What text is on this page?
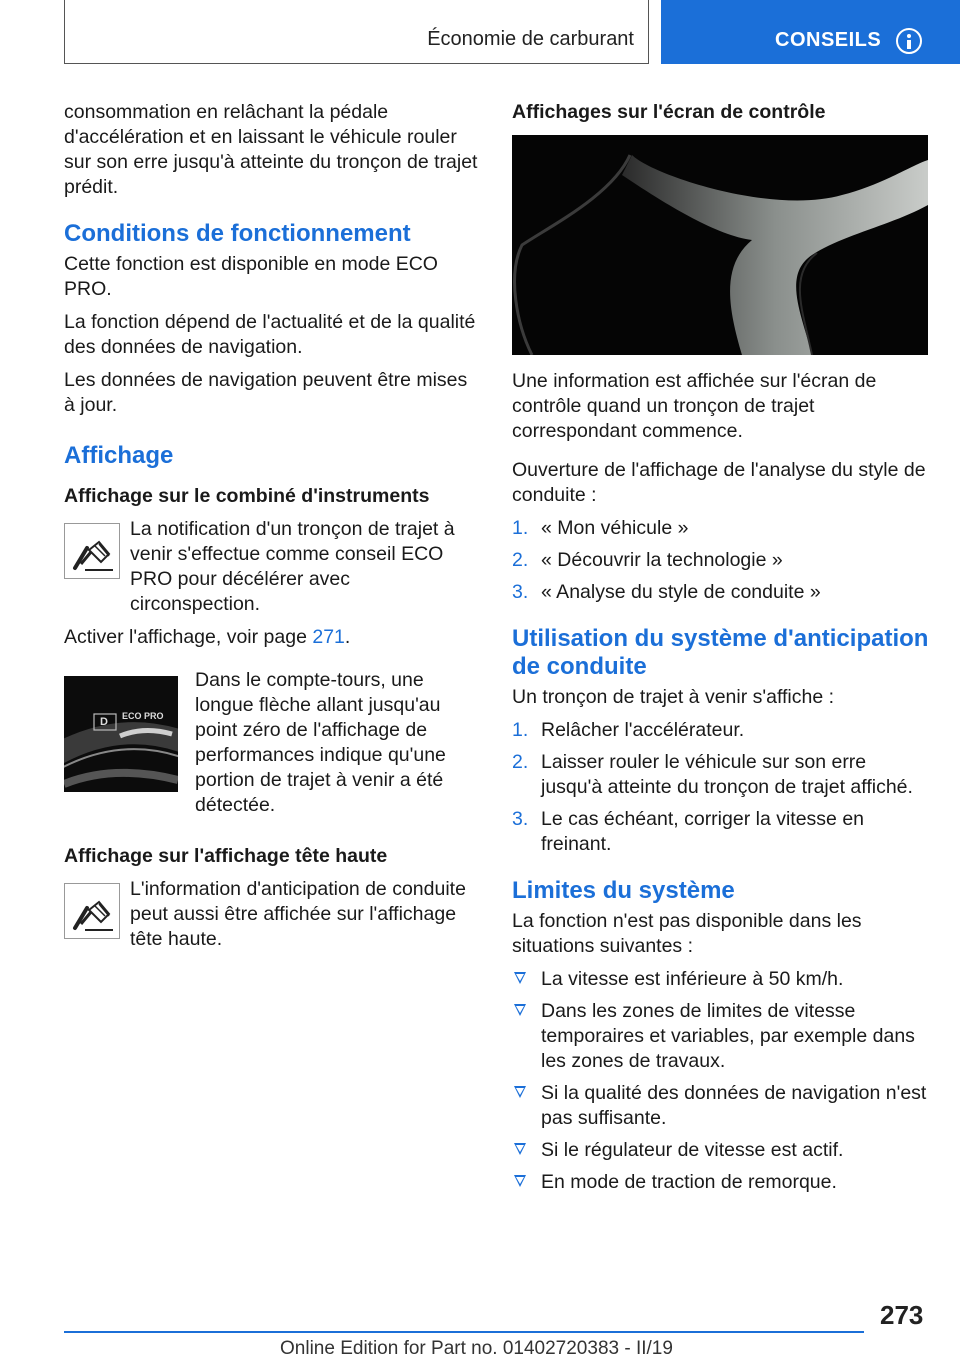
Économie de carburant	CONSEILS

consommation en relâchant la pédale d'accélération et en laissant le véhicule rouler sur son erre jusqu'à atteinte du tronçon de trajet prédit.

Conditions de fonctionnement

Cette fonction est disponible en mode ECO PRO.

La fonction dépend de l'actualité et de la qualité des données de navigation.

Les données de navigation peuvent être mises à jour.

Affichage
Affichage sur le combiné d'instruments

La notification d'un tronçon de trajet à venir s'effectue comme conseil ECO PRO pour décélérer avec circonspection.

Activer l'affichage, voir page 271.

D ECO PRO

Dans le compte-tours, une longue flèche allant jusqu'au point zéro de l'affichage de performances indique qu'une portion de trajet à venir a été détectée.

Affichage sur l'affichage tête haute

L'information d'anticipation de conduite peut aussi être affichée sur l'affichage tête haute.

Affichages sur l'écran de contrôle

Une information est affichée sur l'écran de contrôle quand un tronçon de trajet correspondant commence.

Ouverture de l'affichage de l'analyse du style de conduite :

1. « Mon véhicule »
2. « Découvrir la technologie »
3. « Analyse du style de conduite »
Utilisation du système d'anticipation de conduite

Un tronçon de trajet à venir s'affiche :

1. Relâcher l'accélérateur.
2. Laisser rouler le véhicule sur son erre jusqu'à atteinte du tronçon de trajet affiché.
3. Le cas échéant, corriger la vitesse en freinant.
Limites du système

La fonction n'est pas disponible dans les situations suivantes :

La vitesse est inférieure à 50 km/h.
Dans les zones de limites de vitesse temporaires et variables, par exemple dans les zones de travaux.
Si la qualité des données de navigation n'est pas suffisante.
Si le régulateur de vitesse est actif.
En mode de traction de remorque.
273
Online Edition for Part no. 01402720383 - II/19
